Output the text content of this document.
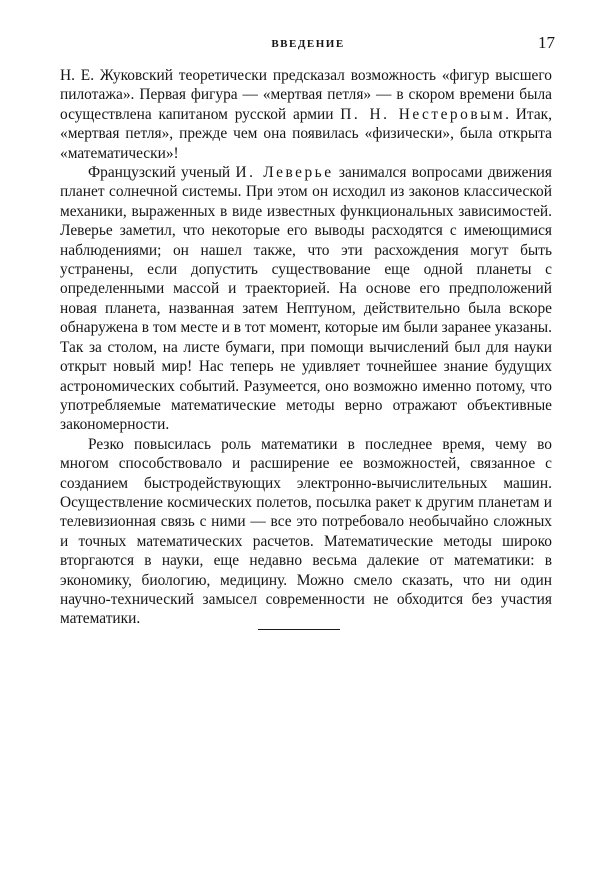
ВВЕДЕНИЕ	17

Н. Е. Жуковский теоретически предсказал возможность «фигур высшего пилотажа». Первая фигура — «мертвая петля» — в скором времени была осуществлена капитаном русской армии П. Н. Нестеровым. Итак, «мертвая петля», прежде чем она появилась «физически», была открыта «математически»!

Французский ученый И. Леверье занимался вопросами движения планет солнечной системы. При этом он исходил из законов классической механики, выраженных в виде известных функциональных зависимостей. Леверье заметил, что некоторые его выводы расходятся с имеющимися наблюдениями; он нашел также, что эти расхождения могут быть устранены, если допустить существование еще одной планеты с определенными массой и траекторией. На основе его предположений новая планета, названная затем Нептуном, действительно была вскоре обнаружена в том месте и в тот момент, которые им были заранее указаны. Так за столом, на листе бумаги, при помощи вычислений был для науки открыт новый мир! Нас теперь не удивляет точнейшее знание будущих астрономических событий. Разумеется, оно возможно именно потому, что употребляемые математические методы верно отражают объективные закономерности.

Резко повысилась роль математики в последнее время, чему во многом способствовало и расширение ее возможностей, связанное с созданием быстродействующих электронно-вычислительных машин. Осуществление космических полетов, посылка ракет к другим планетам и телевизионная связь с ними — все это потребовало необычайно сложных и точных математических расчетов. Математические методы широко вторгаются в науки, еще недавно весьма далекие от математики: в экономику, биологию, медицину. Можно смело сказать, что ни один научно-технический замысел современности не обходится без участия математики.
